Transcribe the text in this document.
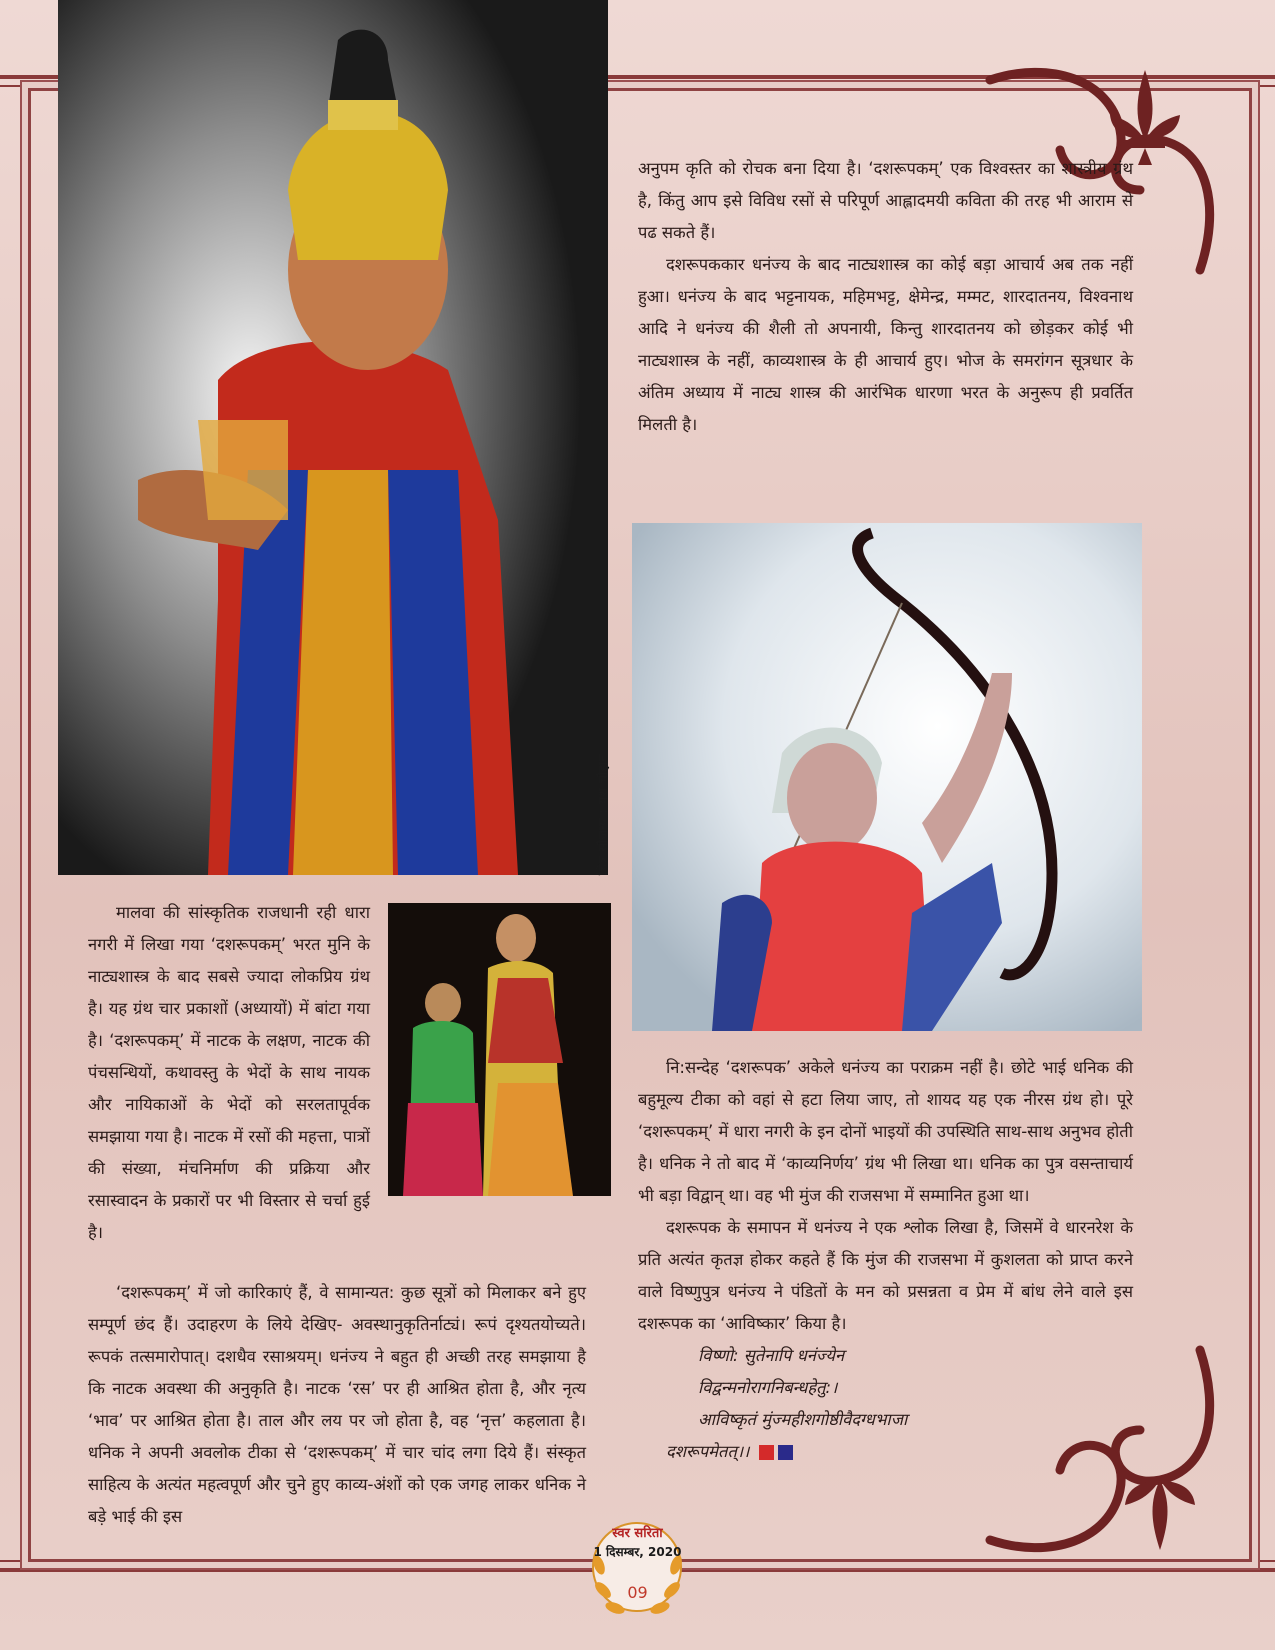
चित्र सौजन्य : यश चौहान

अनुपम कृति को रोचक बना दिया है। ‘दशरूपकम्’ एक विश्वस्तर का शास्त्रीय ग्रंथ है, किंतु आप इसे विविध रसों से परिपूर्ण आह्लादमयी कविता की तरह भी आराम से पढ सकते हैं।

दशरूपककार धनंज्य के बाद नाट्यशास्त्र का कोई बड़ा आचार्य अब तक नहीं हुआ। धनंज्य के बाद भट्टनायक, महिमभट्ट, क्षेमेन्द्र, मम्मट, शारदातनय, विश्वनाथ आदि ने धनंज्य की शैली तो अपनायी, किन्तु शारदातनय को छोड़कर कोई भी नाट्यशास्त्र के नहीं, काव्यशास्त्र के ही आचार्य हुए। भोज के समरांगन सूत्रधार के अंतिम अध्याय में नाट्य शास्त्र की आरंभिक धारणा भरत के अनुरूप ही प्रवर्तित मिलती है।

मालवा की सांस्कृतिक राजधानी रही धारा नगरी में लिखा गया ‘दशरूपकम्’ भरत मुनि के नाट्यशास्त्र के बाद सबसे ज्यादा लोकप्रिय ग्रंथ है। यह ग्रंथ चार प्रकाशों (अध्यायों) में बांटा गया है। ‘दशरूपकम्’ में नाटक के लक्षण, नाटक की पंचसन्धियों, कथावस्तु के भेदों के साथ नायक और नायिकाओं के भेदों को सरलतापूर्वक समझाया गया है। नाटक में रसों की महत्ता, पात्रों की संख्या, मंचनिर्माण की प्रक्रिया और रसास्वादन के प्रकारों पर भी विस्तार से चर्चा हुई है।

‘दशरूपकम्’ में जो कारिकाएं हैं, वे सामान्यत: कुछ सूत्रों को मिलाकर बने हुए सम्पूर्ण छंद हैं। उदाहरण के लिये देखिए- अवस्थानुकृतिर्नाट्यं। रूपं दृश्यतयोच्यते। रूपकं तत्समारोपात्। दशधैव रसाश्रयम्। धनंज्य ने बहुत ही अच्छी तरह समझाया है कि नाटक अवस्था की अनुकृति है। नाटक ‘रस’ पर ही आश्रित होता है, और नृत्य ‘भाव’ पर आश्रित होता है। ताल और लय पर जो होता है, वह ‘नृत्त’ कहलाता है। धनिक ने अपनी अवलोक टीका से ‘दशरूपकम्’ में चार चांद लगा दिये हैं। संस्कृत साहित्य के अत्यंत महत्वपूर्ण और चुने हुए काव्य-अंशों को एक जगह लाकर धनिक ने बड़े भाई की इस

नि:सन्देह ‘दशरूपक’ अकेले धनंज्य का पराक्रम नहीं है। छोटे भाई धनिक की बहुमूल्य टीका को वहां से हटा लिया जाए, तो शायद यह एक नीरस ग्रंथ हो। पूरे ‘दशरूपकम्’ में धारा नगरी के इन दोनों भाइयों की उपस्थिति साथ-साथ अनुभव होती है। धनिक ने तो बाद में ‘काव्यनिर्णय’ ग्रंथ भी लिखा था। धनिक का पुत्र वसन्ताचार्य भी बड़ा विद्वान् था। वह भी मुंज की राजसभा में सम्मानित हुआ था।

दशरूपक के समापन में धनंज्य ने एक श्लोक लिखा है, जिसमें वे धारनरेश के प्रति अत्यंत कृतज्ञ होकर कहते हैं कि मुंज की राजसभा में कुशलता को प्राप्त करने वाले विष्णुपुत्र धनंज्य ने पंडितों के मन को प्रसन्नता व प्रेम में बांध लेने वाले इस दशरूपक का ‘आविष्कार’ किया है।

विष्णो: सुतेनापि धनंज्येन

विद्वन्मनोरागनिबन्धहेतु:।

आविष्कृतं मुंज्महीशगोष्ठीवैदग्धभाजा

दशरूपमेतत्।।

स्वर सरिता
1 दिसम्बर, 2020
09
